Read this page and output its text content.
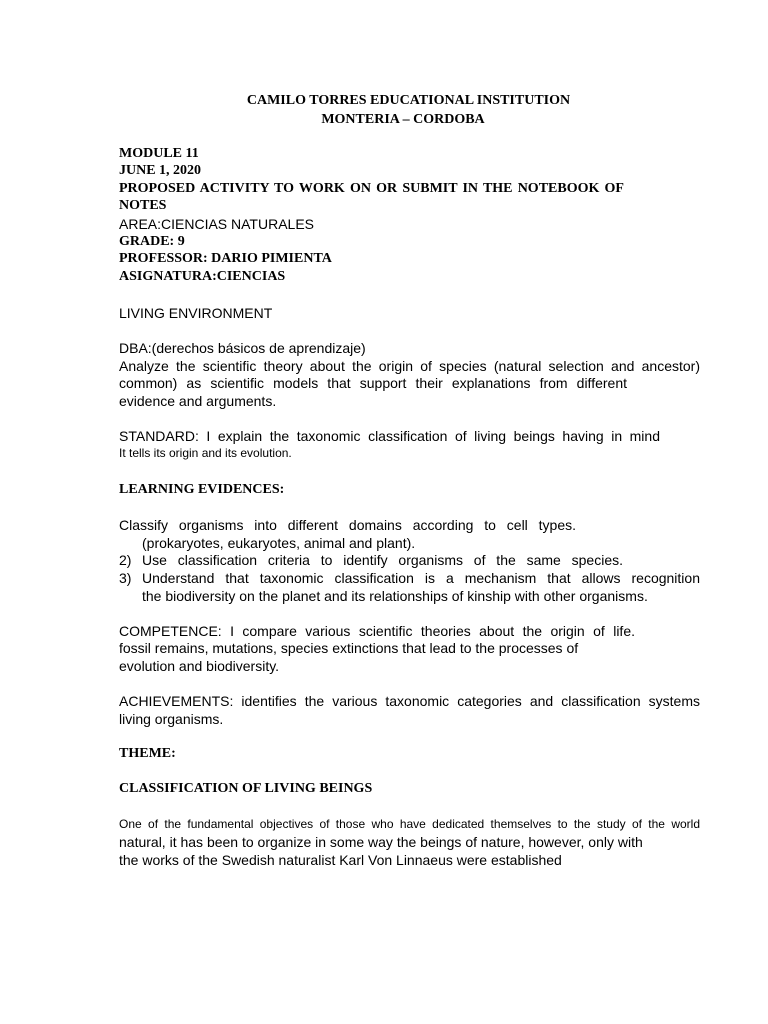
CAMILO TORRES EDUCATIONAL INSTITUTION
MONTERIA – CORDOBA
MODULE 11
JUNE 1, 2020
PROPOSED ACTIVITY TO WORK ON OR SUBMIT IN THE NOTEBOOK OF
NOTES
AREA:CIENCIAS NATURALES
GRADE: 9
PROFESSOR: DARIO PIMIENTA
ASIGNATURA:CIENCIAS
LIVING ENVIRONMENT
DBA:(derechos básicos de aprendizaje)
Analyze the scientific theory about the origin of species (natural selection and ancestor)
common) as scientific models that support their explanations from different
evidence and arguments.
STANDARD: I explain the taxonomic classification of living beings having in mind
It tells its origin and its evolution.
LEARNING EVIDENCES:
Classify organisms into different domains according to cell types.
(prokaryotes, eukaryotes, animal and plant).
2) Use classification criteria to identify organisms of the same species.
3) Understand that taxonomic classification is a mechanism that allows recognition
the biodiversity on the planet and its relationships of kinship with other organisms.
COMPETENCE: I compare various scientific theories about the origin of life.
fossil remains, mutations, species extinctions that lead to the processes of
evolution and biodiversity.
ACHIEVEMENTS: identifies the various taxonomic categories and classification systems
living organisms.
THEME:
CLASSIFICATION OF LIVING BEINGS
One of the fundamental objectives of those who have dedicated themselves to the study of the world
natural, it has been to organize in some way the beings of nature, however, only with
the works of the Swedish naturalist Karl Von Linnaeus were established
